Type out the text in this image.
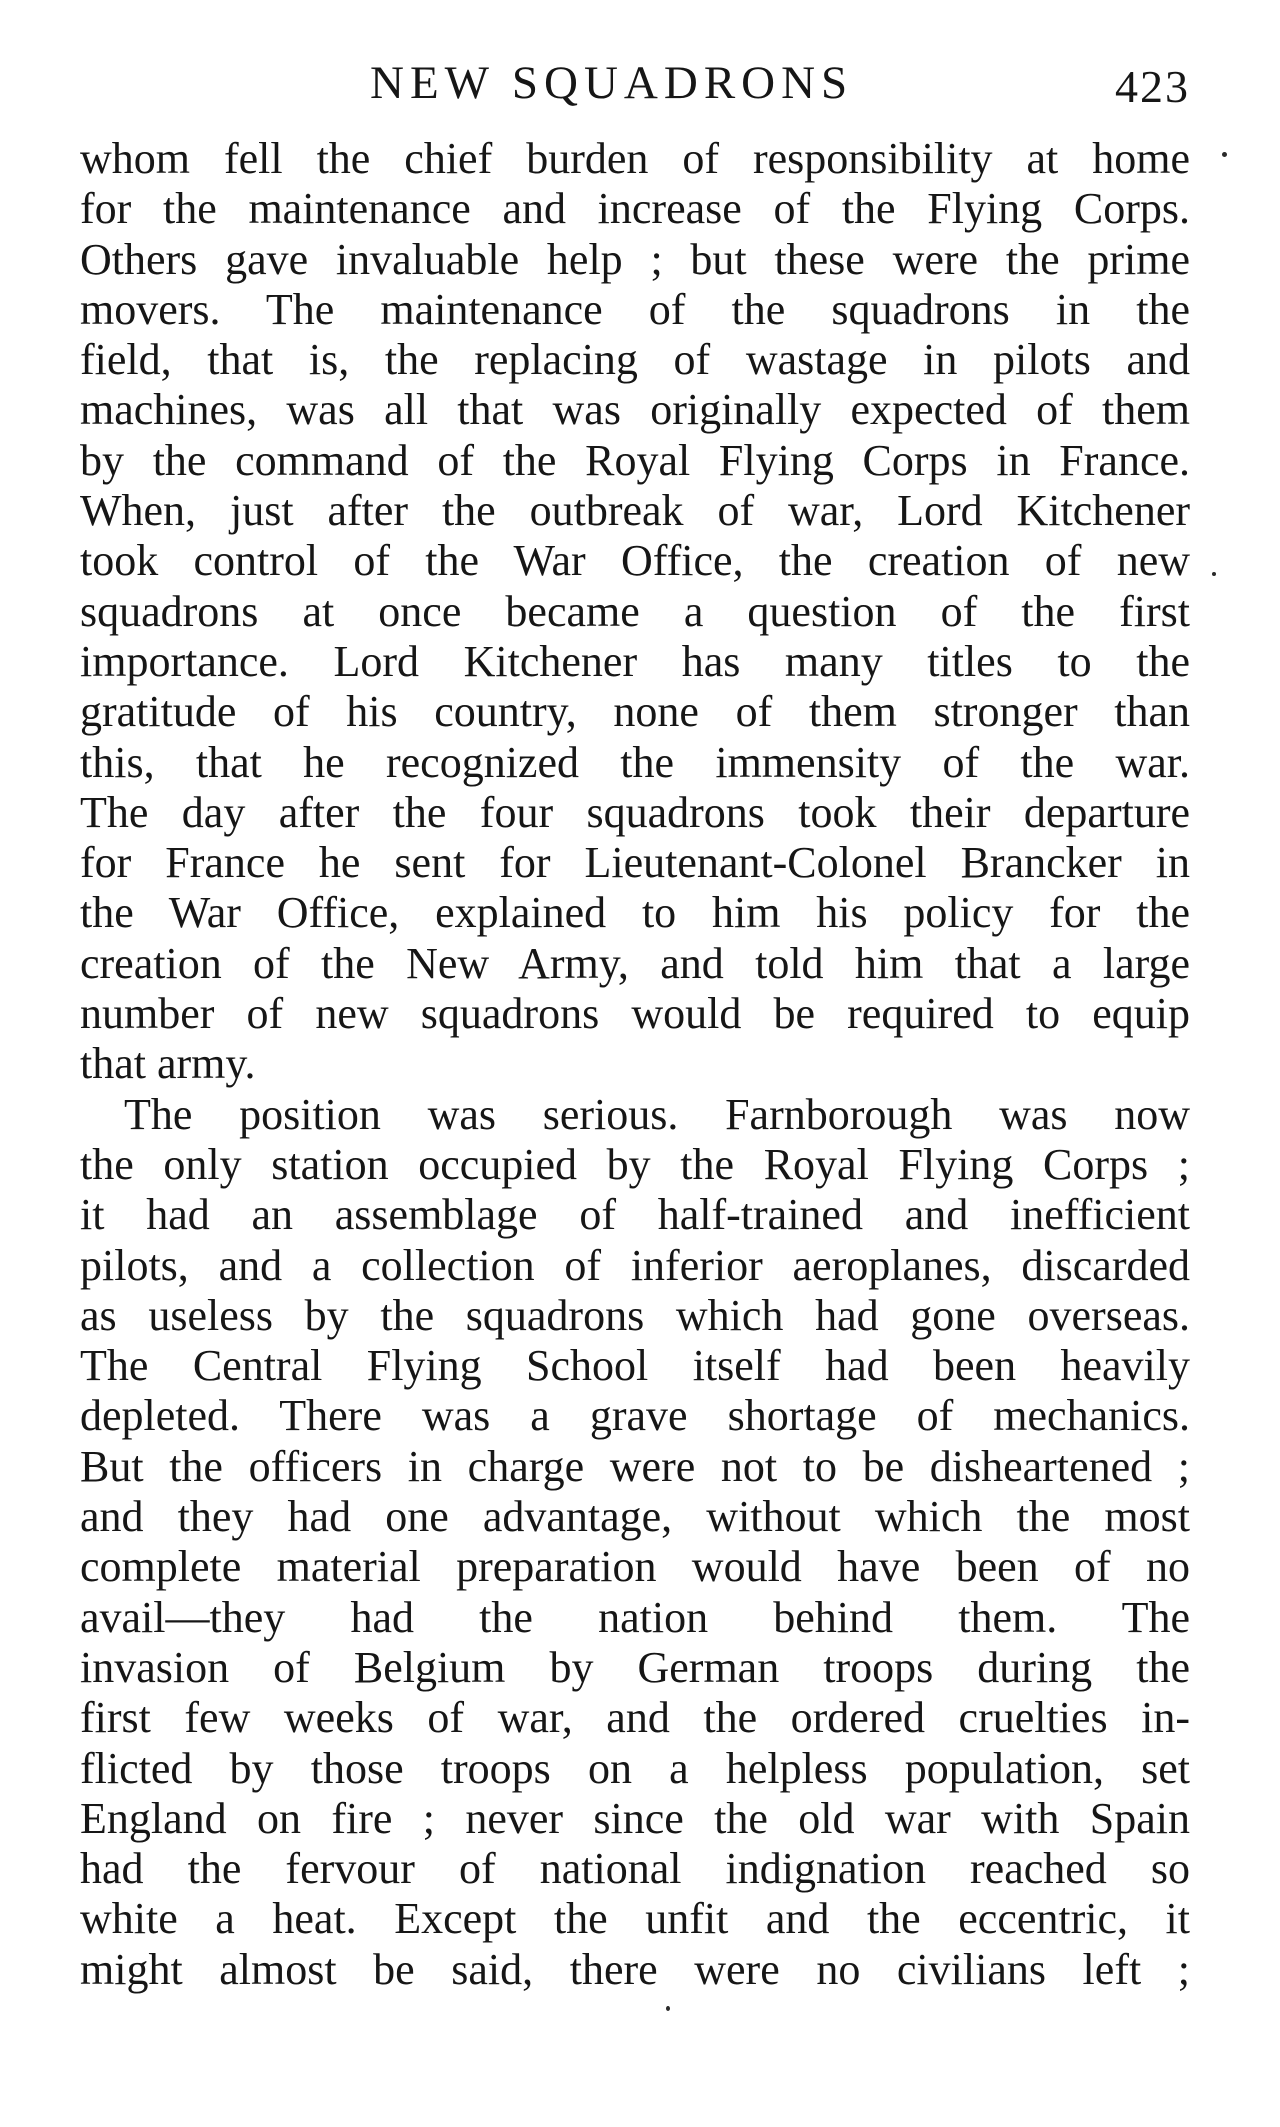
NEW SQUADRONS	423
whom fell the chief burden of responsibility at home
for the maintenance and increase of the Flying Corps.
Others gave invaluable help ; but these were the prime
movers. The maintenance of the squadrons in the
field, that is, the replacing of wastage in pilots and
machines, was all that was originally expected of them
by the command of the Royal Flying Corps in France.
When, just after the outbreak of war, Lord Kitchener
took control of the War Office, the creation of new
squadrons at once became a question of the first
importance. Lord Kitchener has many titles to the
gratitude of his country, none of them stronger than
this, that he recognized the immensity of the war.
The day after the four squadrons took their departure
for France he sent for Lieutenant-Colonel Brancker in
the War Office, explained to him his policy for the
creation of the New Army, and told him that a large
number of new squadrons would be required to equip
that army.
The position was serious. Farnborough was now
the only station occupied by the Royal Flying Corps ;
it had an assemblage of half-trained and inefficient
pilots, and a collection of inferior aeroplanes, discarded
as useless by the squadrons which had gone overseas.
The Central Flying School itself had been heavily
depleted. There was a grave shortage of mechanics.
But the officers in charge were not to be disheartened ;
and they had one advantage, without which the most
complete material preparation would have been of no
avail—they had the nation behind them. The
invasion of Belgium by German troops during the
first few weeks of war, and the ordered cruelties in-
flicted by those troops on a helpless population, set
England on fire ; never since the old war with Spain
had the fervour of national indignation reached so
white a heat. Except the unfit and the eccentric, it
might almost be said, there were no civilians left ;
